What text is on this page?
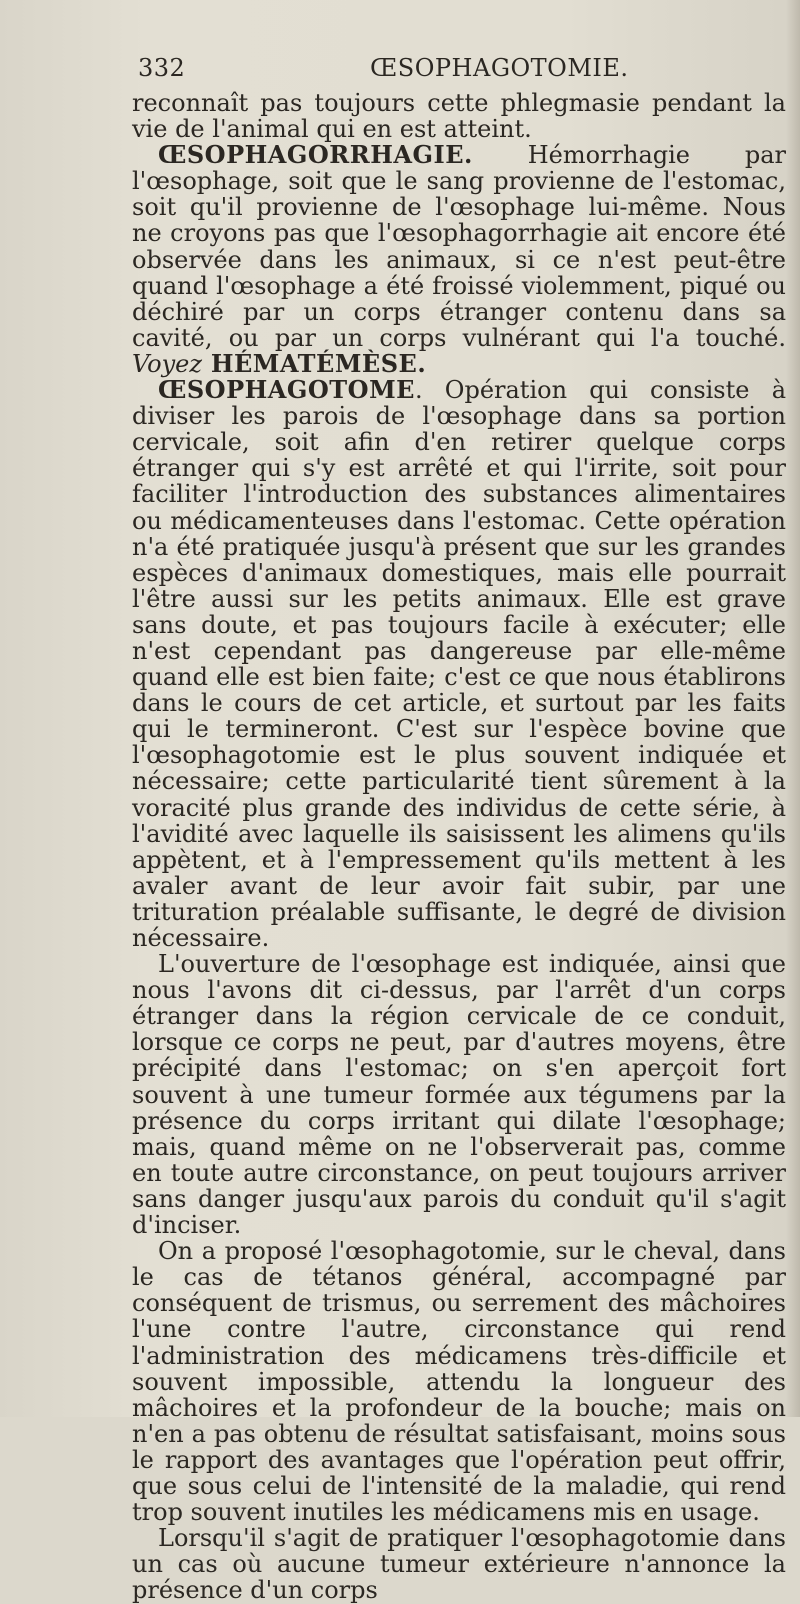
332	ŒSOPHAGOTOMIE.

reconnaît pas toujours cette phlegmasie pendant la vie de l'animal qui en est atteint.

ŒSOPHAGORRHAGIE. Hémorrhagie par l'œsophage, soit que le sang provienne de l'estomac, soit qu'il provienne de l'œsophage lui-même. Nous ne croyons pas que l'œsophagorrhagie ait encore été observée dans les animaux, si ce n'est peut-être quand l'œsophage a été froissé violemment, piqué ou déchiré par un corps étranger contenu dans sa cavité, ou par un corps vulnérant qui l'a touché. Voyez HÉMATÉMÈSE.

ŒSOPHAGOTOME. Opération qui consiste à diviser les parois de l'œsophage dans sa portion cervicale, soit afin d'en retirer quelque corps étranger qui s'y est arrêté et qui l'irrite, soit pour faciliter l'introduction des substances alimentaires ou médicamenteuses dans l'estomac. Cette opération n'a été pratiquée jusqu'à présent que sur les grandes espèces d'animaux domestiques, mais elle pourrait l'être aussi sur les petits animaux. Elle est grave sans doute, et pas toujours facile à exécuter; elle n'est cependant pas dangereuse par elle-même quand elle est bien faite; c'est ce que nous établirons dans le cours de cet article, et surtout par les faits qui le termineront. C'est sur l'espèce bovine que l'œsophagotomie est le plus souvent indiquée et nécessaire; cette particularité tient sûrement à la voracité plus grande des individus de cette série, à l'avidité avec laquelle ils saisissent les alimens qu'ils appètent, et à l'empressement qu'ils mettent à les avaler avant de leur avoir fait subir, par une trituration préalable suffisante, le degré de division nécessaire.

L'ouverture de l'œsophage est indiquée, ainsi que nous l'avons dit ci-dessus, par l'arrêt d'un corps étranger dans la région cervicale de ce conduit, lorsque ce corps ne peut, par d'autres moyens, être précipité dans l'estomac; on s'en aperçoit fort souvent à une tumeur formée aux tégumens par la présence du corps irritant qui dilate l'œsophage; mais, quand même on ne l'observerait pas, comme en toute autre circonstance, on peut toujours arriver sans danger jusqu'aux parois du conduit qu'il s'agit d'inciser.

On a proposé l'œsophagotomie, sur le cheval, dans le cas de tétanos général, accompagné par conséquent de trismus, ou serrement des mâchoires l'une contre l'autre, circonstance qui rend l'administration des médicamens très-difficile et souvent impossible, attendu la longueur des mâchoires et la profondeur de la bouche; mais on n'en a pas obtenu de résultat satisfaisant, moins sous le rapport des avantages que l'opération peut offrir, que sous celui de l'intensité de la maladie, qui rend trop souvent inutiles les médicamens mis en usage.

Lorsqu'il s'agit de pratiquer l'œsophagotomie dans un cas où aucune tumeur extérieure n'annonce la présence d'un corps
